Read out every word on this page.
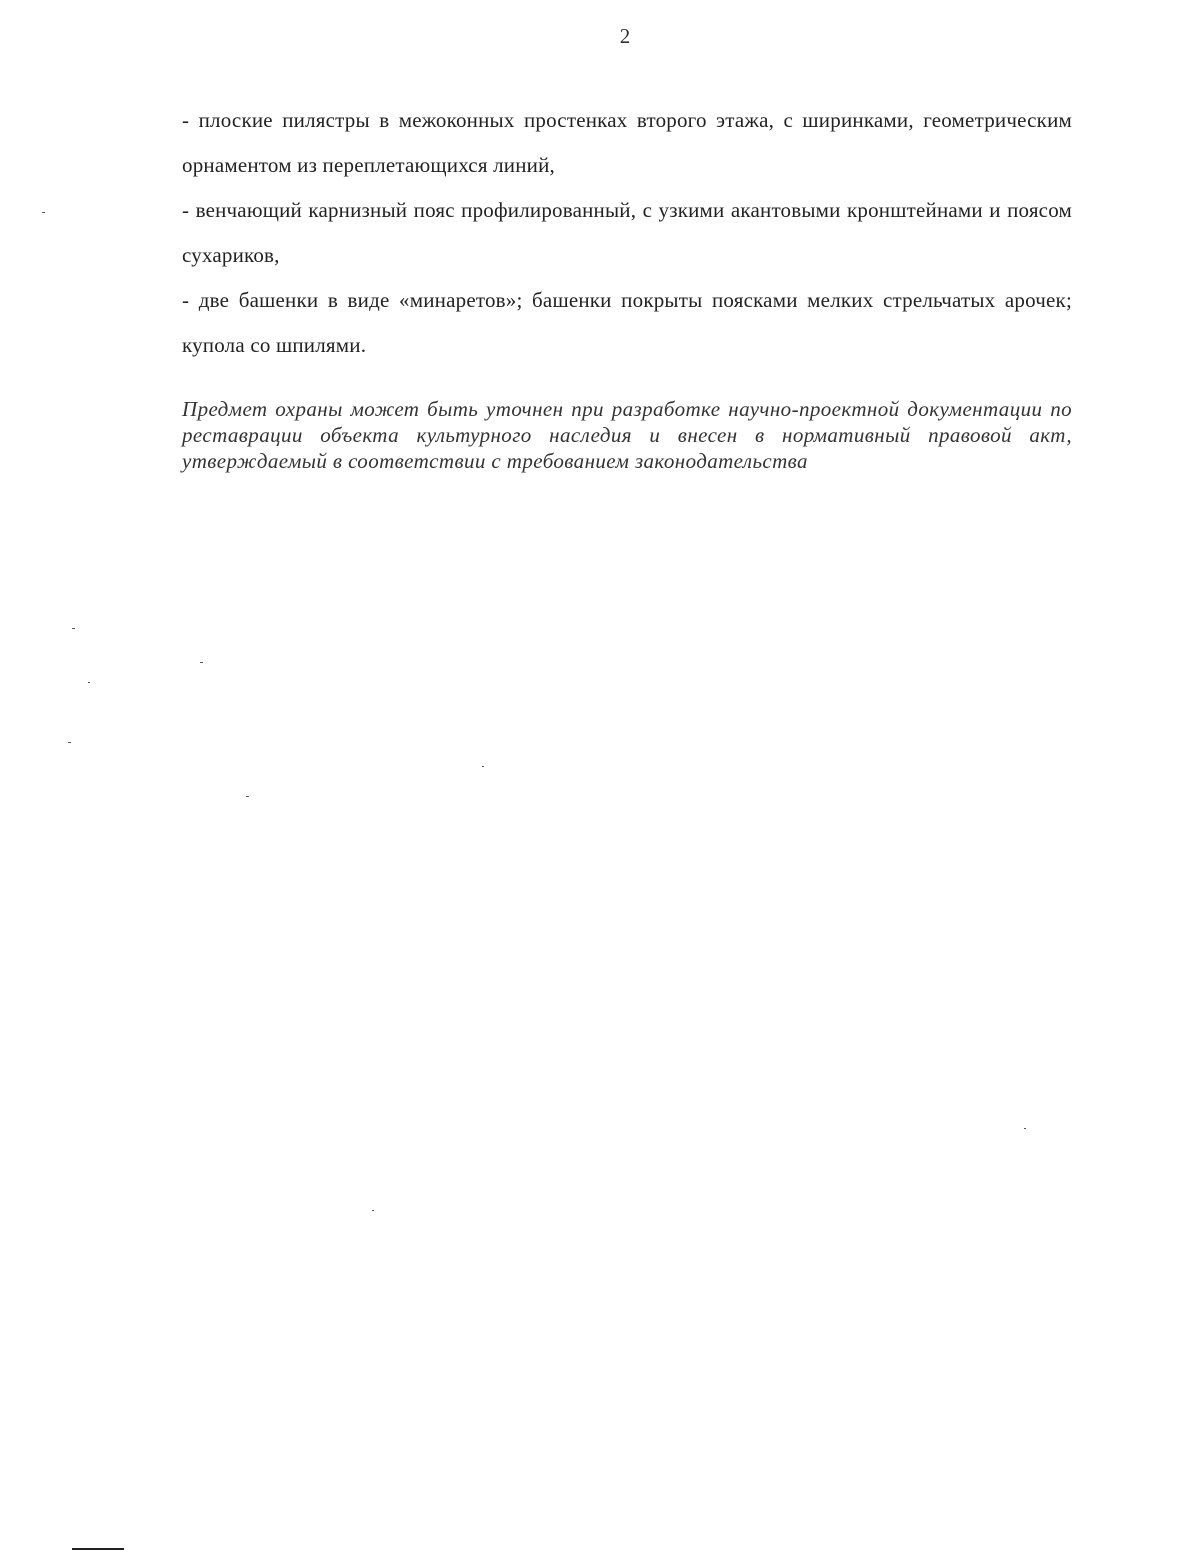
2

- плоские пилястры в межоконных простенках второго этажа, с ширинками, геометрическим орнаментом из переплетающихся линий,

- венчающий карнизный пояс профилированный, с узкими акантовыми кронштейнами и поясом сухариков,

- две башенки в виде «минаретов»; башенки покрыты поясками мелких стрельчатых арочек; купола со шпилями.

Предмет охраны может быть уточнен при разработке научно-проектной документации по реставрации объекта культурного наследия и внесен в нормативный правовой акт, утверждаемый в соответствии с требованием законодательства
